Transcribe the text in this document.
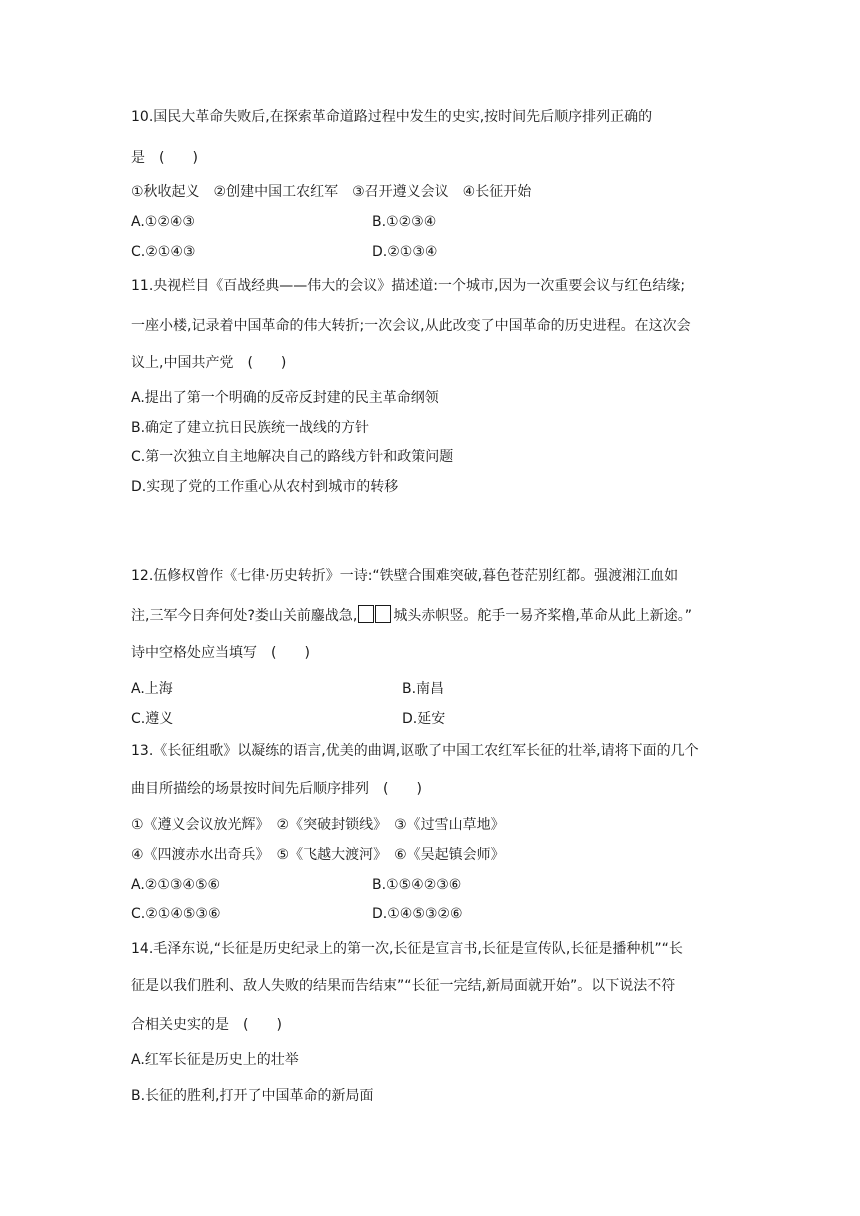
10.国民大革命失败后,在探索革命道路过程中发生的史实,按时间先后顺序排列正确的
是　(　　)
①秋收起义　②创建中国工农红军　③召开遵义会议　④长征开始
A.①②④③	B.①②③④
C.②①④③	D.②①③④
11.央视栏目《百战经典——伟大的会议》描述道:一个城市,因为一次重要会议与红色结缘;
一座小楼,记录着中国革命的伟大转折;一次会议,从此改变了中国革命的历史进程。在这次会
议上,中国共产党　(　　)
A.提出了第一个明确的反帝反封建的民主革命纲领
B.确定了建立抗日民族统一战线的方针
C.第一次独立自主地解决自己的路线方针和政策问题
D.实现了党的工作重心从农村到城市的转移
12.伍修权曾作《七律·历史转折》一诗:“铁壁合围难突破,暮色苍茫别红都。强渡湘江血如
注,三军今日奔何处?娄山关前鏖战急,	城头赤帜竖。舵手一易齐桨橹,革命从此上新途。”
诗中空格处应当填写　(　　)
A.上海	B.南昌
C.遵义	D.延安
13.《长征组歌》以凝练的语言,优美的曲调,讴歌了中国工农红军长征的壮举,请将下面的几个
曲目所描绘的场景按时间先后顺序排列　(　　)
①《遵义会议放光辉》　②《突破封锁线》　③《过雪山草地》
④《四渡赤水出奇兵》　⑤《飞越大渡河》　⑥《吴起镇会师》
A.②①③④⑤⑥	B.①⑤④②③⑥
C.②①④⑤③⑥	D.①④⑤③②⑥
14.毛泽东说,“长征是历史纪录上的第一次,长征是宣言书,长征是宣传队,长征是播种机”“长
征是以我们胜利、敌人失败的结果而告结束”“长征一完结,新局面就开始”。以下说法不符
合相关史实的是　(　　)
A.红军长征是历史上的壮举
B.长征的胜利,打开了中国革命的新局面
